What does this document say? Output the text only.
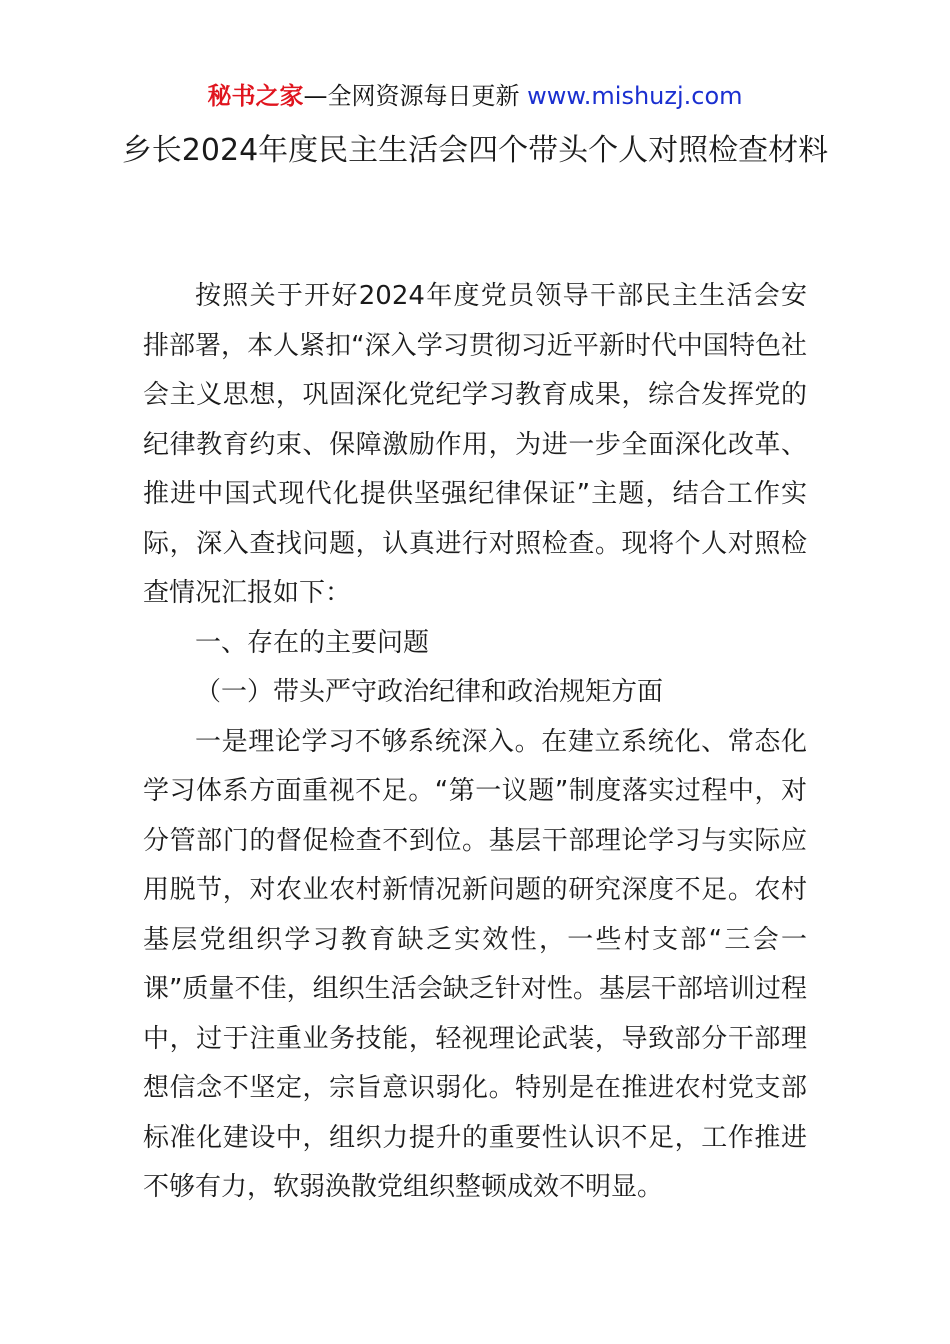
秘书之家—全网资源每日更新 www.mishuzj.com
乡长2024年度民主生活会四个带头个人对照检查材料

按照关于开好2024年度党员领导干部民主生活会安排部署，本人紧扣“深入学习贯彻习近平新时代中国特色社会主义思想，巩固深化党纪学习教育成果，综合发挥党的纪律教育约束、保障激励作用，为进一步全面深化改革、推进中国式现代化提供坚强纪律保证”主题，结合工作实际，深入查找问题，认真进行对照检查。现将个人对照检查情况汇报如下：

一、存在的主要问题

（一）带头严守政治纪律和政治规矩方面

一是理论学习不够系统深入。在建立系统化、常态化学习体系方面重视不足。“第一议题”制度落实过程中，对分管部门的督促检查不到位。基层干部理论学习与实际应用脱节，对农业农村新情况新问题的研究深度不足。农村基层党组织学习教育缺乏实效性，一些村支部“三会一课”质量不佳，组织生活会缺乏针对性。基层干部培训过程中，过于注重业务技能，轻视理论武装，导致部分干部理想信念不坚定，宗旨意识弱化。特别是在推进农村党支部标准化建设中，组织力提升的重要性认识不足，工作推进不够有力，软弱涣散党组织整顿成效不明显。
